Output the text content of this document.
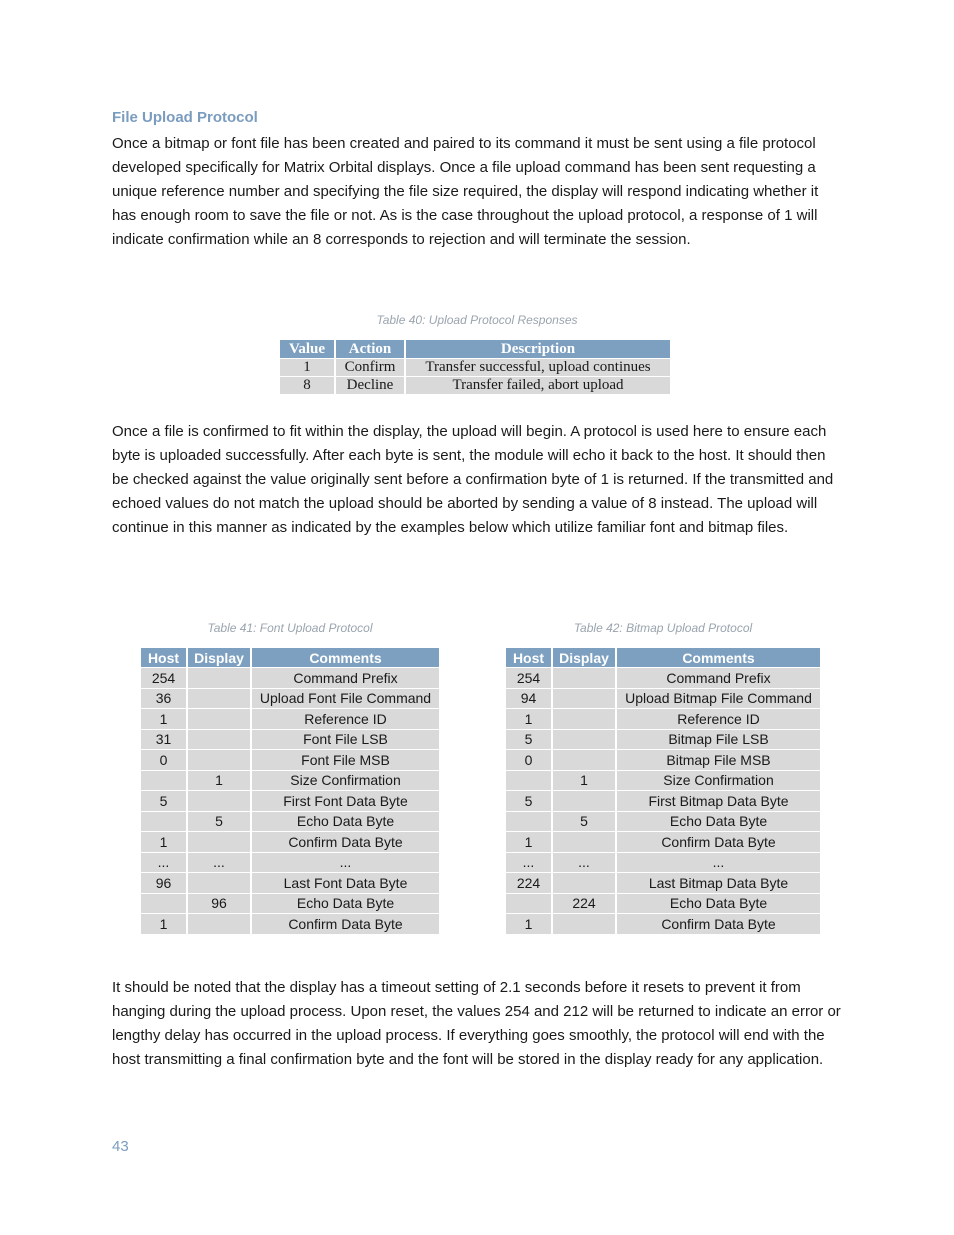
File Upload Protocol

Once a bitmap or font file has been created and paired to its command it must be sent using a file protocol developed specifically for Matrix Orbital displays. Once a file upload command has been sent requesting a unique reference number and specifying the file size required, the display will respond indicating whether it has enough room to save the file or not. As is the case throughout the upload protocol, a response of 1 will indicate confirmation while an 8 corresponds to rejection and will terminate the session.

Table 40: Upload Protocol Responses
Value	Action	Description
1	Confirm	Transfer successful, upload continues
8	Decline	Transfer failed, abort upload

Once a file is confirmed to fit within the display, the upload will begin. A protocol is used here to ensure each byte is uploaded successfully. After each byte is sent, the module will echo it back to the host. It should then be checked against the value originally sent before a confirmation byte of 1 is returned. If the transmitted and echoed values do not match the upload should be aborted by sending a value of 8 instead. The upload will continue in this manner as indicated by the examples below which utilize familiar font and bitmap files.

Table 41: Font Upload Protocol
Host	Display	Comments
254		Command Prefix
36		Upload Font File Command
1		Reference ID
31		Font File LSB
0		Font File MSB
	1	Size Confirmation
5		First Font Data Byte
	5	Echo Data Byte
1		Confirm Data Byte
...	...	...
96		Last Font Data Byte
	96	Echo Data Byte
1		Confirm Data Byte
Table 42: Bitmap Upload Protocol
Host	Display	Comments
254		Command Prefix
94		Upload Bitmap File Command
1		Reference ID
5		Bitmap File LSB
0		Bitmap File MSB
	1	Size Confirmation
5		First Bitmap Data Byte
	5	Echo Data Byte
1		Confirm Data Byte
...	...	...
224		Last Bitmap Data Byte
	224	Echo Data Byte
1		Confirm Data Byte

It should be noted that the display has a timeout setting of 2.1 seconds before it resets to prevent it from hanging during the upload process. Upon reset, the values 254 and 212 will be returned to indicate an error or lengthy delay has occurred in the upload process. If everything goes smoothly, the protocol will end with the host transmitting a final confirmation byte and the font will be stored in the display ready for any application.

43
